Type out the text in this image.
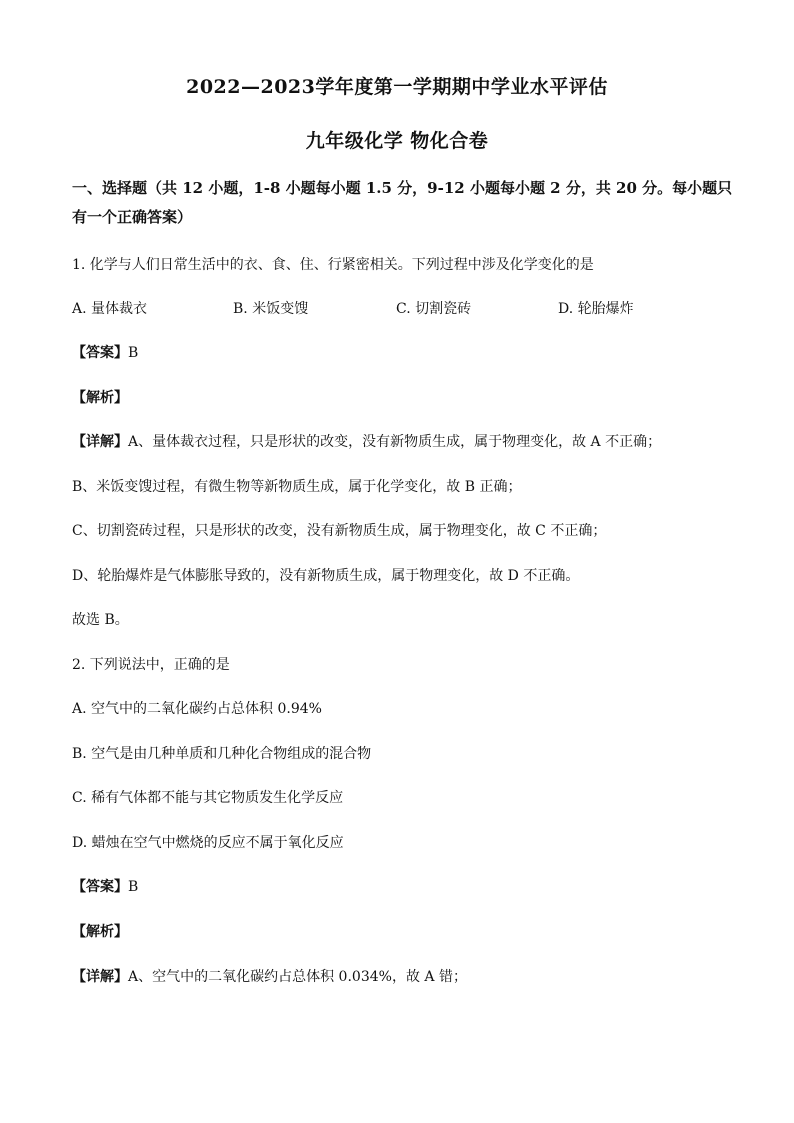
2022—2023学年度第一学期期中学业水平评估
九年级化学 物化合卷
一、选择题（共 12 小题，1-8 小题每小题 1.5 分，9-12 小题每小题 2 分，共 20 分。每小题只
有一个正确答案）
1. 化学与人们日常生活中的衣、食、住、行紧密相关。下列过程中涉及化学变化的是
A. 量体裁衣	B. 米饭变馊	C. 切割瓷砖	D. 轮胎爆炸
【答案】B
【解析】
【详解】A、量体裁衣过程，只是形状的改变，没有新物质生成，属于物理变化，故 A 不正确；
B、米饭变馊过程，有微生物等新物质生成，属于化学变化，故 B 正确；
C、切割瓷砖过程，只是形状的改变，没有新物质生成，属于物理变化，故 C 不正确；
D、轮胎爆炸是气体膨胀导致的，没有新物质生成，属于物理变化，故 D 不正确。
故选 B。
2. 下列说法中，正确的是
A. 空气中的二氧化碳约占总体积 0.94%
B. 空气是由几种单质和几种化合物组成的混合物
C. 稀有气体都不能与其它物质发生化学反应
D. 蜡烛在空气中燃烧的反应不属于氧化反应
【答案】B
【解析】
【详解】A、空气中的二氧化碳约占总体积 0.034%，故 A 错；
